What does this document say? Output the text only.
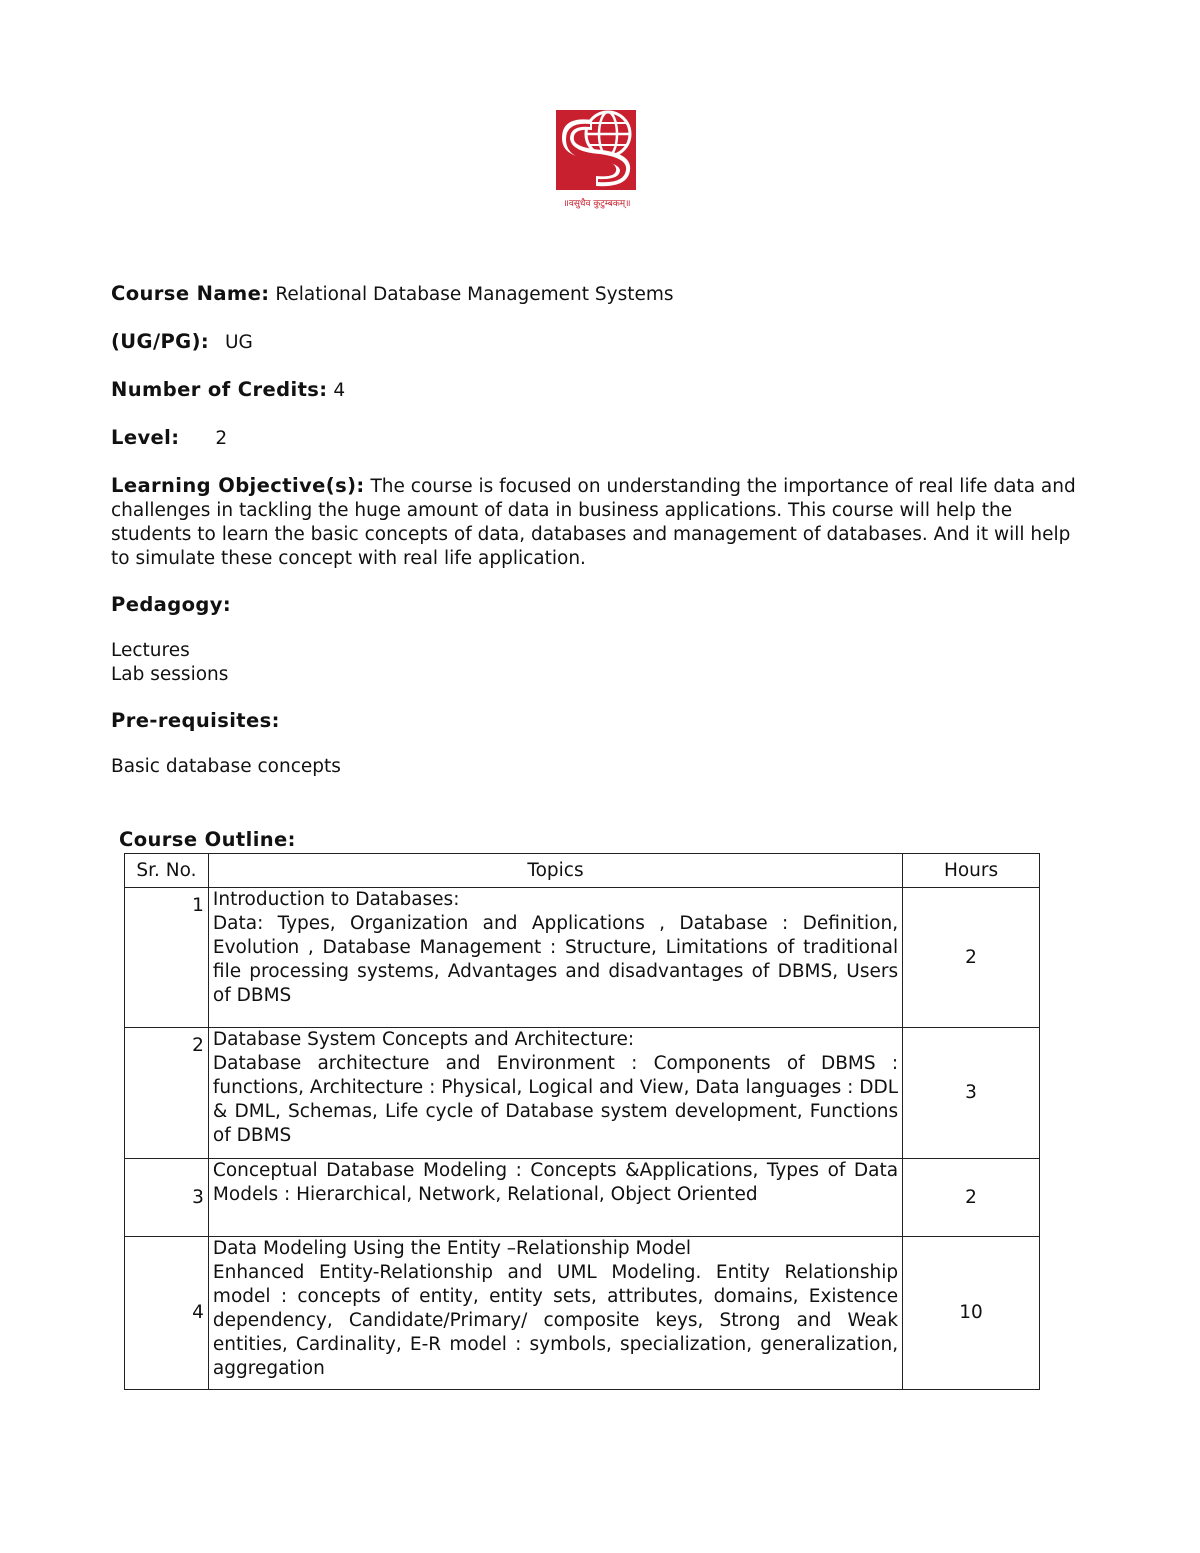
॥वसुधैव कुटुम्बकम्॥
Course Name: Relational Database Management Systems
(UG/PG): UG
Number of Credits: 4
Level: 2
Learning Objective(s): The course is focused on understanding the importance of real life data and challenges in tackling the huge amount of data in business applications. This course will help the students to learn the basic concepts of data, databases and management of databases. And it will help to simulate these concept with real life application.
Pedagogy:
Lectures
Lab sessions
Pre-requisites:
Basic database concepts
Course Outline:
Sr. No.	Topics	Hours
1	Introduction to Databases:
Data: Types, Organization and Applications , Database : Definition, Evolution , Database Management : Structure, Limitations of traditional file processing systems, Advantages and disadvantages of DBMS, Users of DBMS	2
2	Database System Concepts and Architecture:
Database architecture and Environment : Components of DBMS : functions, Architecture : Physical, Logical and View, Data languages : DDL & DML, Schemas, Life cycle of Database system development, Functions of DBMS	3
3	Conceptual Database Modeling : Concepts &Applications, Types of Data Models : Hierarchical, Network, Relational, Object Oriented	2
4	Data Modeling Using the Entity –Relationship Model
Enhanced Entity-Relationship and UML Modeling. Entity Relationship model : concepts of entity, entity sets, attributes, domains, Existence dependency, Candidate/Primary/ composite keys, Strong and Weak entities, Cardinality, E-R model : symbols, specialization, generalization, aggregation	10
